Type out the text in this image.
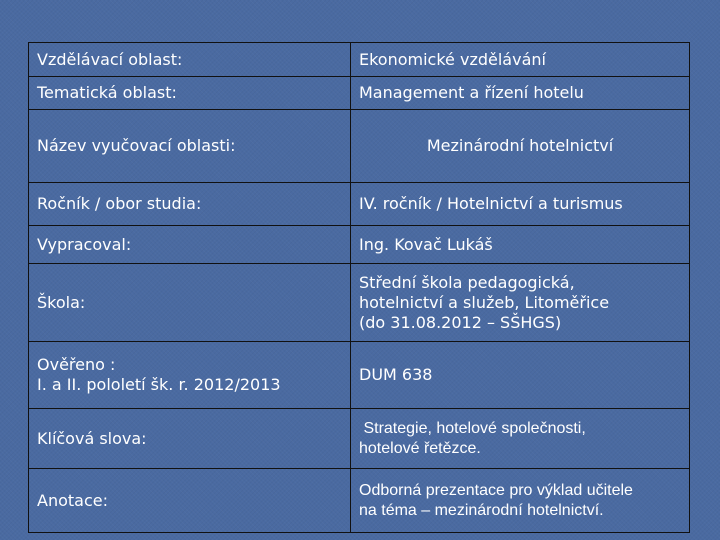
Vzdělávací oblast:	Ekonomické vzdělávání
Tematická oblast:	Management a řízení hotelu
Název vyučovací oblasti:	Mezinárodní hotelnictví
Ročník / obor studia:	IV. ročník / Hotelnictví a turismus
Vypracoval:	Ing. Kovač Lukáš
Škola:	Střední škola pedagogická,
hotelnictví a služeb, Litoměřice
(do 31.08.2012 – SŠHGS)

Ověřeno :
I. a II. pololetí šk. r. 2012/2013	DUM 638
Klíčová slova:	Strategie, hotelové společnosti,
hotelové řetězce.

Anotace:	Odborná prezentace pro výklad učitele
na téma – mezinárodní hotelnictví.
